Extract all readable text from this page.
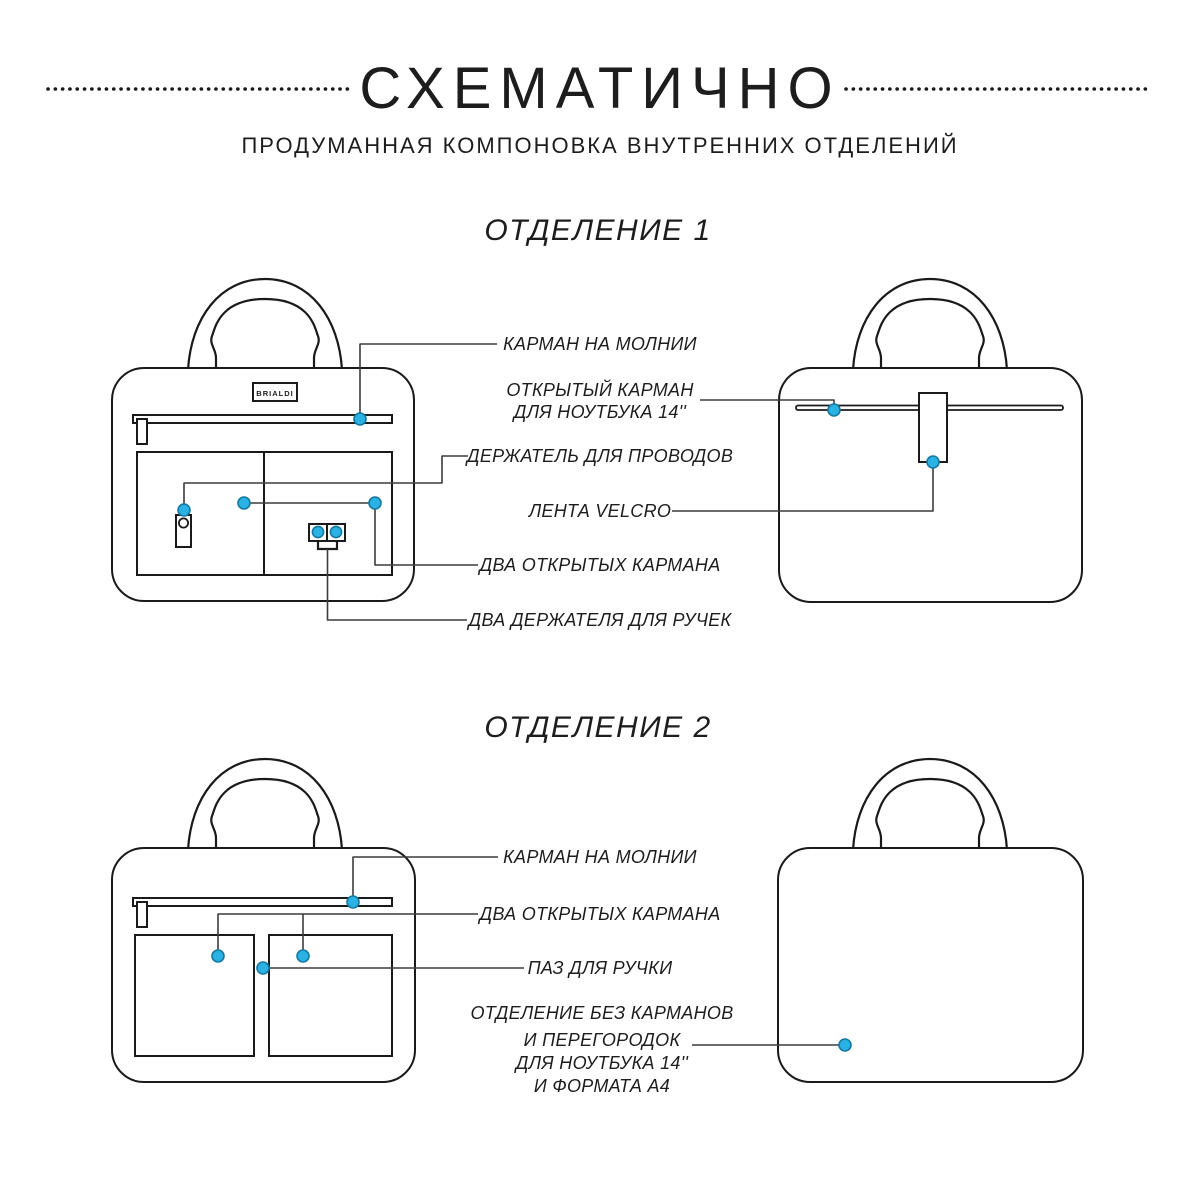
СХЕМАТИЧНО
ПРОДУМАННАЯ КОМПОНОВКА ВНУТРЕННИХ ОТДЕЛЕНИЙ
ОТДЕЛЕНИЕ 1
BRIALDI
КАРМАН НА МОЛНИИ
ОТКРЫТЫЙ КАРМАН
ДЛЯ НОУТБУКА 14''
ДЕРЖАТЕЛЬ ДЛЯ ПРОВОДОВ
ЛЕНТА VELCRO
ДВА ОТКРЫТЫХ КАРМАНА
ДВА ДЕРЖАТЕЛЯ ДЛЯ РУЧЕК
ОТДЕЛЕНИЕ 2
КАРМАН НА МОЛНИИ
ДВА ОТКРЫТЫХ КАРМАНА
ПАЗ ДЛЯ РУЧКИ
ОТДЕЛЕНИЕ БЕЗ КАРМАНОВ
И ПЕРЕГОРОДОК
ДЛЯ НОУТБУКА 14''
И ФОРМАТА А4
